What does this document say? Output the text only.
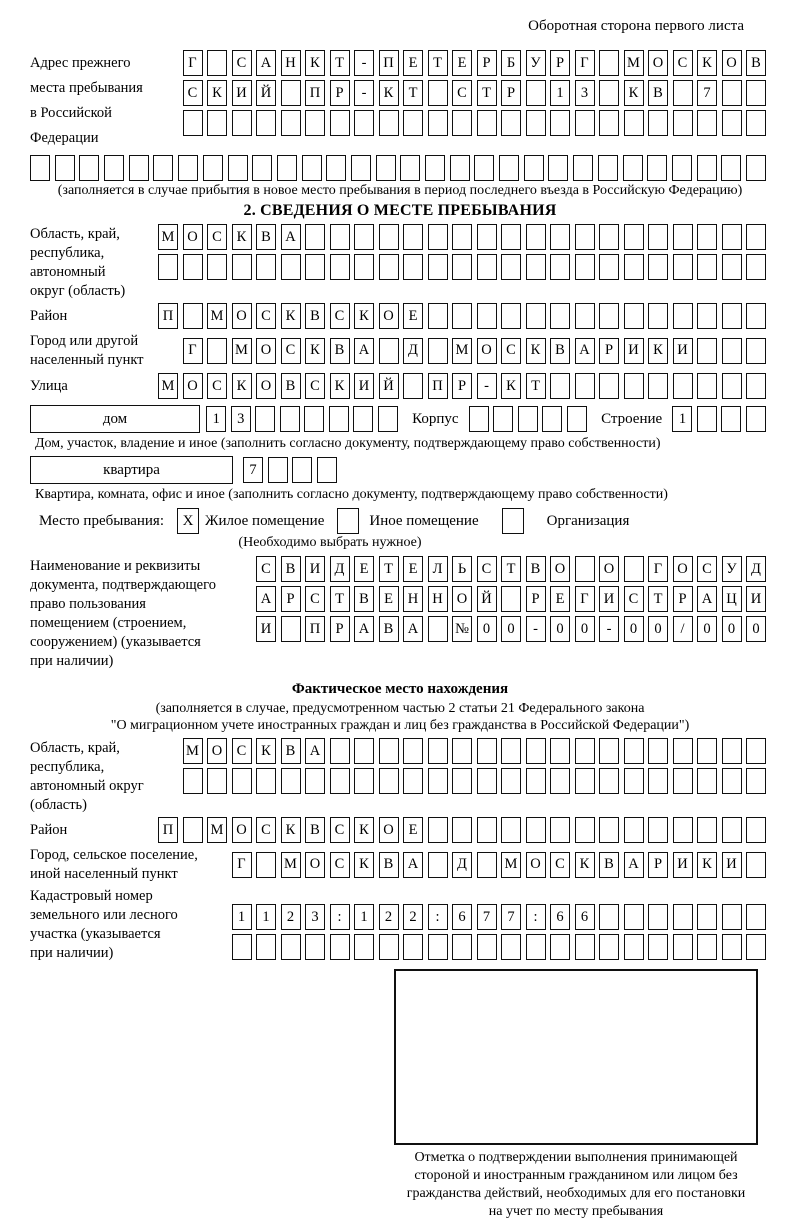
Оборотная сторона первого листа
Адрес прежнего
места пребывания
в Российской
Федерации
Г	С А Н К	Т	-	П	Е	Т	Е	Р	Б	У	Р	Г	М О С	К О В
С	К И Й	П	Р	-	К	Т	С	Т	Р	1	3	К	В	7
(заполняется в случае прибытия в новое место пребывания в период последнего въезда в Российскую Федерацию)
2. СВЕДЕНИЯ О МЕСТЕ ПРЕБЫВАНИЯ
Область, край,
республика,
автономный
округ (область)
М О С	К	В А
Район	П	М О С	К	В	С	К О	Е
Город или другой
населенный пункт
Г	М О С	К	В А	Д	М О С	К	В А	Р	И К И
Улица	М О С	К О В	С	К И Й	П	Р	-	К	Т
дом	1	3	Корпус	Строение	1
Дом, участок, владение и иное (заполнить согласно документу, подтверждающему право собственности)
квартира	7
Квартира, комната, офис и иное (заполнить согласно документу, подтверждающему право собственности)
Место пребывания:	X Жилое помещение	Иное помещение	Организация
(Необходимо выбрать нужное)
Наименование и реквизиты
документа, подтверждающего
право пользования
помещением (строением,
сооружением) (указывается
при наличии)
С	В И Д	Е	Т	Е	Л	Ь	С	Т	В О	О	Г	О С	У Д
А	Р	С	Т	В	Е	Н Н О Й	Р	Е	Г	И С	Т	Р	А Ц И
И	П	Р	А В А	№ 0	0	-	0	0	-	0	0	/	0	0	0
Фактическое место нахождения
(заполняется в случае, предусмотренном частью 2 статьи 21 Федерального закона
"О миграционном учете иностранных граждан и лиц без гражданства в Российской Федерации")
Область, край,
республика,
автономный округ
(область)
М О С	К	В А
Район	П	М О С	К	В	С	К О	Е
Город, сельское поселение,
иной населенный пункт
Г	М О С	К	В А	Д	М О С	К	В А	Р	И К И
Кадастровый номер
земельного или лесного
участка (указывается
при наличии)
1	1	2	3	:	1	2	2	:	6	7	7	:	6	6
Отметка о подтверждении выполнения принимающей
стороной и иностранным гражданином или лицом без
гражданства действий, необходимых для его постановки
на учет по месту пребывания
